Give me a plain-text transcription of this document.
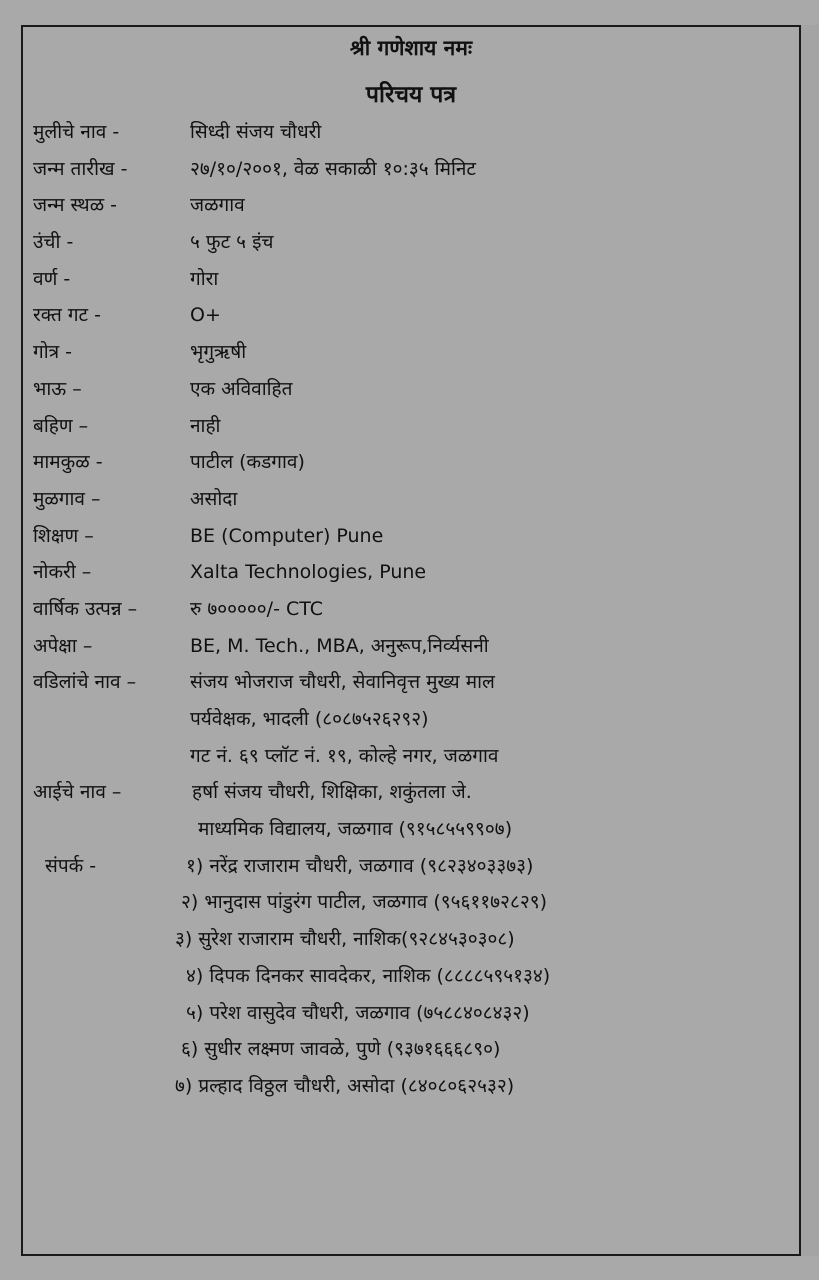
श्री गणेशाय नमः

परिचय पत्र

मुलीचे नाव -	सिध्दी संजय चौधरी
जन्म तारीख -	२७/१०/२००१, वेळ सकाळी १०:३५ मिनिट
जन्म स्थळ -	जळगाव
उंची -	५ फुट ५ इंच
वर्ण -	गोरा
रक्त गट -	O+
गोत्र -	भृगुऋषी
भाऊ –	एक अविवाहित
बहिण –	नाही
मामकुळ -	पाटील (कडगाव)
मुळगाव –	असोदा
शिक्षण –	BE (Computer) Pune
नोकरी –	Xalta Technologies, Pune
वार्षिक उत्पन्न –	रु ७०००००/- CTC
अपेक्षा –	BE, M. Tech., MBA, अनुरूप,निर्व्यसनी
वडिलांचे नाव –	संजय भोजराज चौधरी, सेवानिवृत्त मुख्य माल
पर्यवेक्षक, भादली (८०८७५२६२९२)
गट नं. ६९ प्लॉट नं. १९, कोल्हे नगर, जळगाव
आईचे नाव –	हर्षा संजय चौधरी, शिक्षिका, शकुंतला जे.
माध्यमिक विद्यालय, जळगाव (९१५८५५९९०७)
संपर्क -	१) नरेंद्र राजाराम चौधरी, जळगाव (९८२३४०३३७३)
२) भानुदास पांडुरंग पाटील, जळगाव (९५६११७२८२९)
३) सुरेश राजाराम चौधरी, नाशिक(९२८४५३०३०८)
४) दिपक दिनकर सावदेकर, नाशिक (८८८८५९५१३४)
५) परेश वासुदेव चौधरी, जळगाव (७५८८४०८४३२)
६) सुधीर लक्ष्मण जावळे, पुणे (९३७१६६६८९०)
७) प्रल्हाद विठ्ठल चौधरी, असोदा (८४०८०६२५३२)
